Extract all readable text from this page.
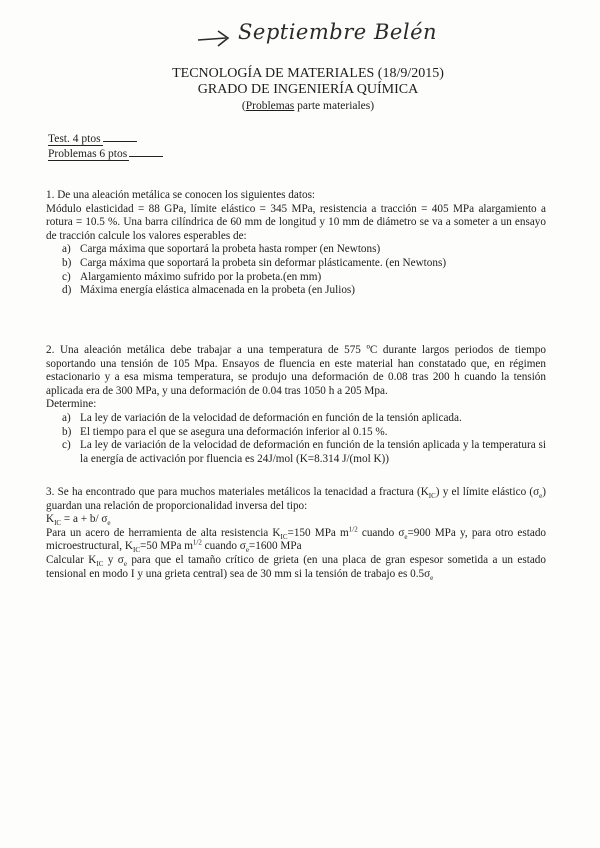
Septiembre Belén
TECNOLOGÍA DE MATERIALES (18/9/2015)
GRADO DE INGENIERÍA QUÍMICA
(Problemas parte materiales)
Test. 4 ptos
Problemas 6 ptos

1. De una aleación metálica se conocen los siguientes datos:

Módulo elasticidad = 88 GPa, límite elástico = 345 MPa, resistencia a tracción = 405 MPa alargamiento a rotura = 10.5 %. Una barra cilíndrica de 60 mm de longitud y 10 mm de diámetro se va a someter a un ensayo de tracción calcule los valores esperables de:

a) Carga máxima que soportará la probeta hasta romper (en Newtons)
b) Carga máxima que soportará la probeta sin deformar plásticamente. (en Newtons)
c) Alargamiento máximo sufrido por la probeta.(en mm)
d) Máxima energía elástica almacenada en la probeta (en Julios)

2. Una aleación metálica debe trabajar a una temperatura de 575 ºC durante largos periodos de tiempo soportando una tensión de 105 Mpa. Ensayos de fluencia en este material han constatado que, en régimen estacionario y a esa misma temperatura, se produjo una deformación de 0.08 tras 200 h cuando la tensión aplicada era de 300 MPa, y una deformación de 0.04 tras 1050 h a 205 Mpa.

Determine:

a) La ley de variación de la velocidad de deformación en función de la tensión aplicada.
b) El tiempo para el que se asegura una deformación inferior al 0.15 %.
c) La ley de variación de la velocidad de deformación en función de la tensión aplicada y la temperatura si la energía de activación por fluencia es 24J/mol (K=8.314 J/(mol K))

3. Se ha encontrado que para muchos materiales metálicos la tenacidad a fractura $(K_{IC})$ y el límite elástico $(\sigma_e)$ guardan una relación de proporcionalidad inversa del tipo:

$K_{IC} = a + b/$ $\sigma_e$

Para un acero de herramienta de alta resistencia $K_{IC}=150$ MPa $m^{1/2}$ cuando $\sigma_e=900$ MPa y, para otro estado microestructural, $K_{IC}=50$ MPa $m^{1/2}$ cuando $\sigma_e=1600$ MPa

Calcular $K_{IC}$ y $\sigma_e$ para que el tamaño crítico de grieta (en una placa de gran espesor sometida a un estado tensional en modo I y una grieta central) sea de 30 mm si la tensión de trabajo es $0.5\sigma_e$
